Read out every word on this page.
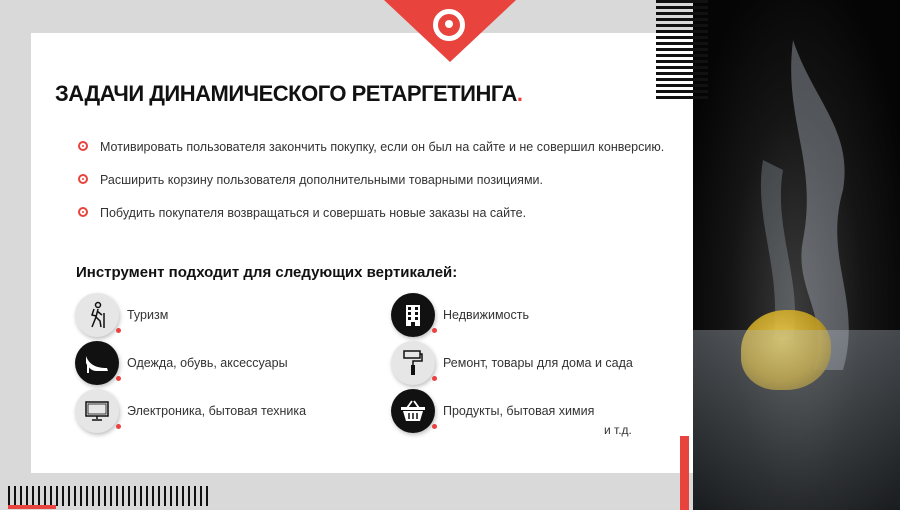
ЗАДАЧИ ДИНАМИЧЕСКОГО РЕТАРГЕТИНГА.
Мотивировать пользователя закончить покупку, если он был на сайте и не совершил конверсию.
Расширить корзину пользователя дополнительными товарными позициями.
Побудить покупателя возвращаться и совершать новые заказы на сайте.
Инструмент подходит для следующих вертикалей:
Туризм
Одежда, обувь, аксессуары
Электроника, бытовая техника
Недвижимость
Ремонт, товары для дома и сада
Продукты, бытовая химия
и т.д.
